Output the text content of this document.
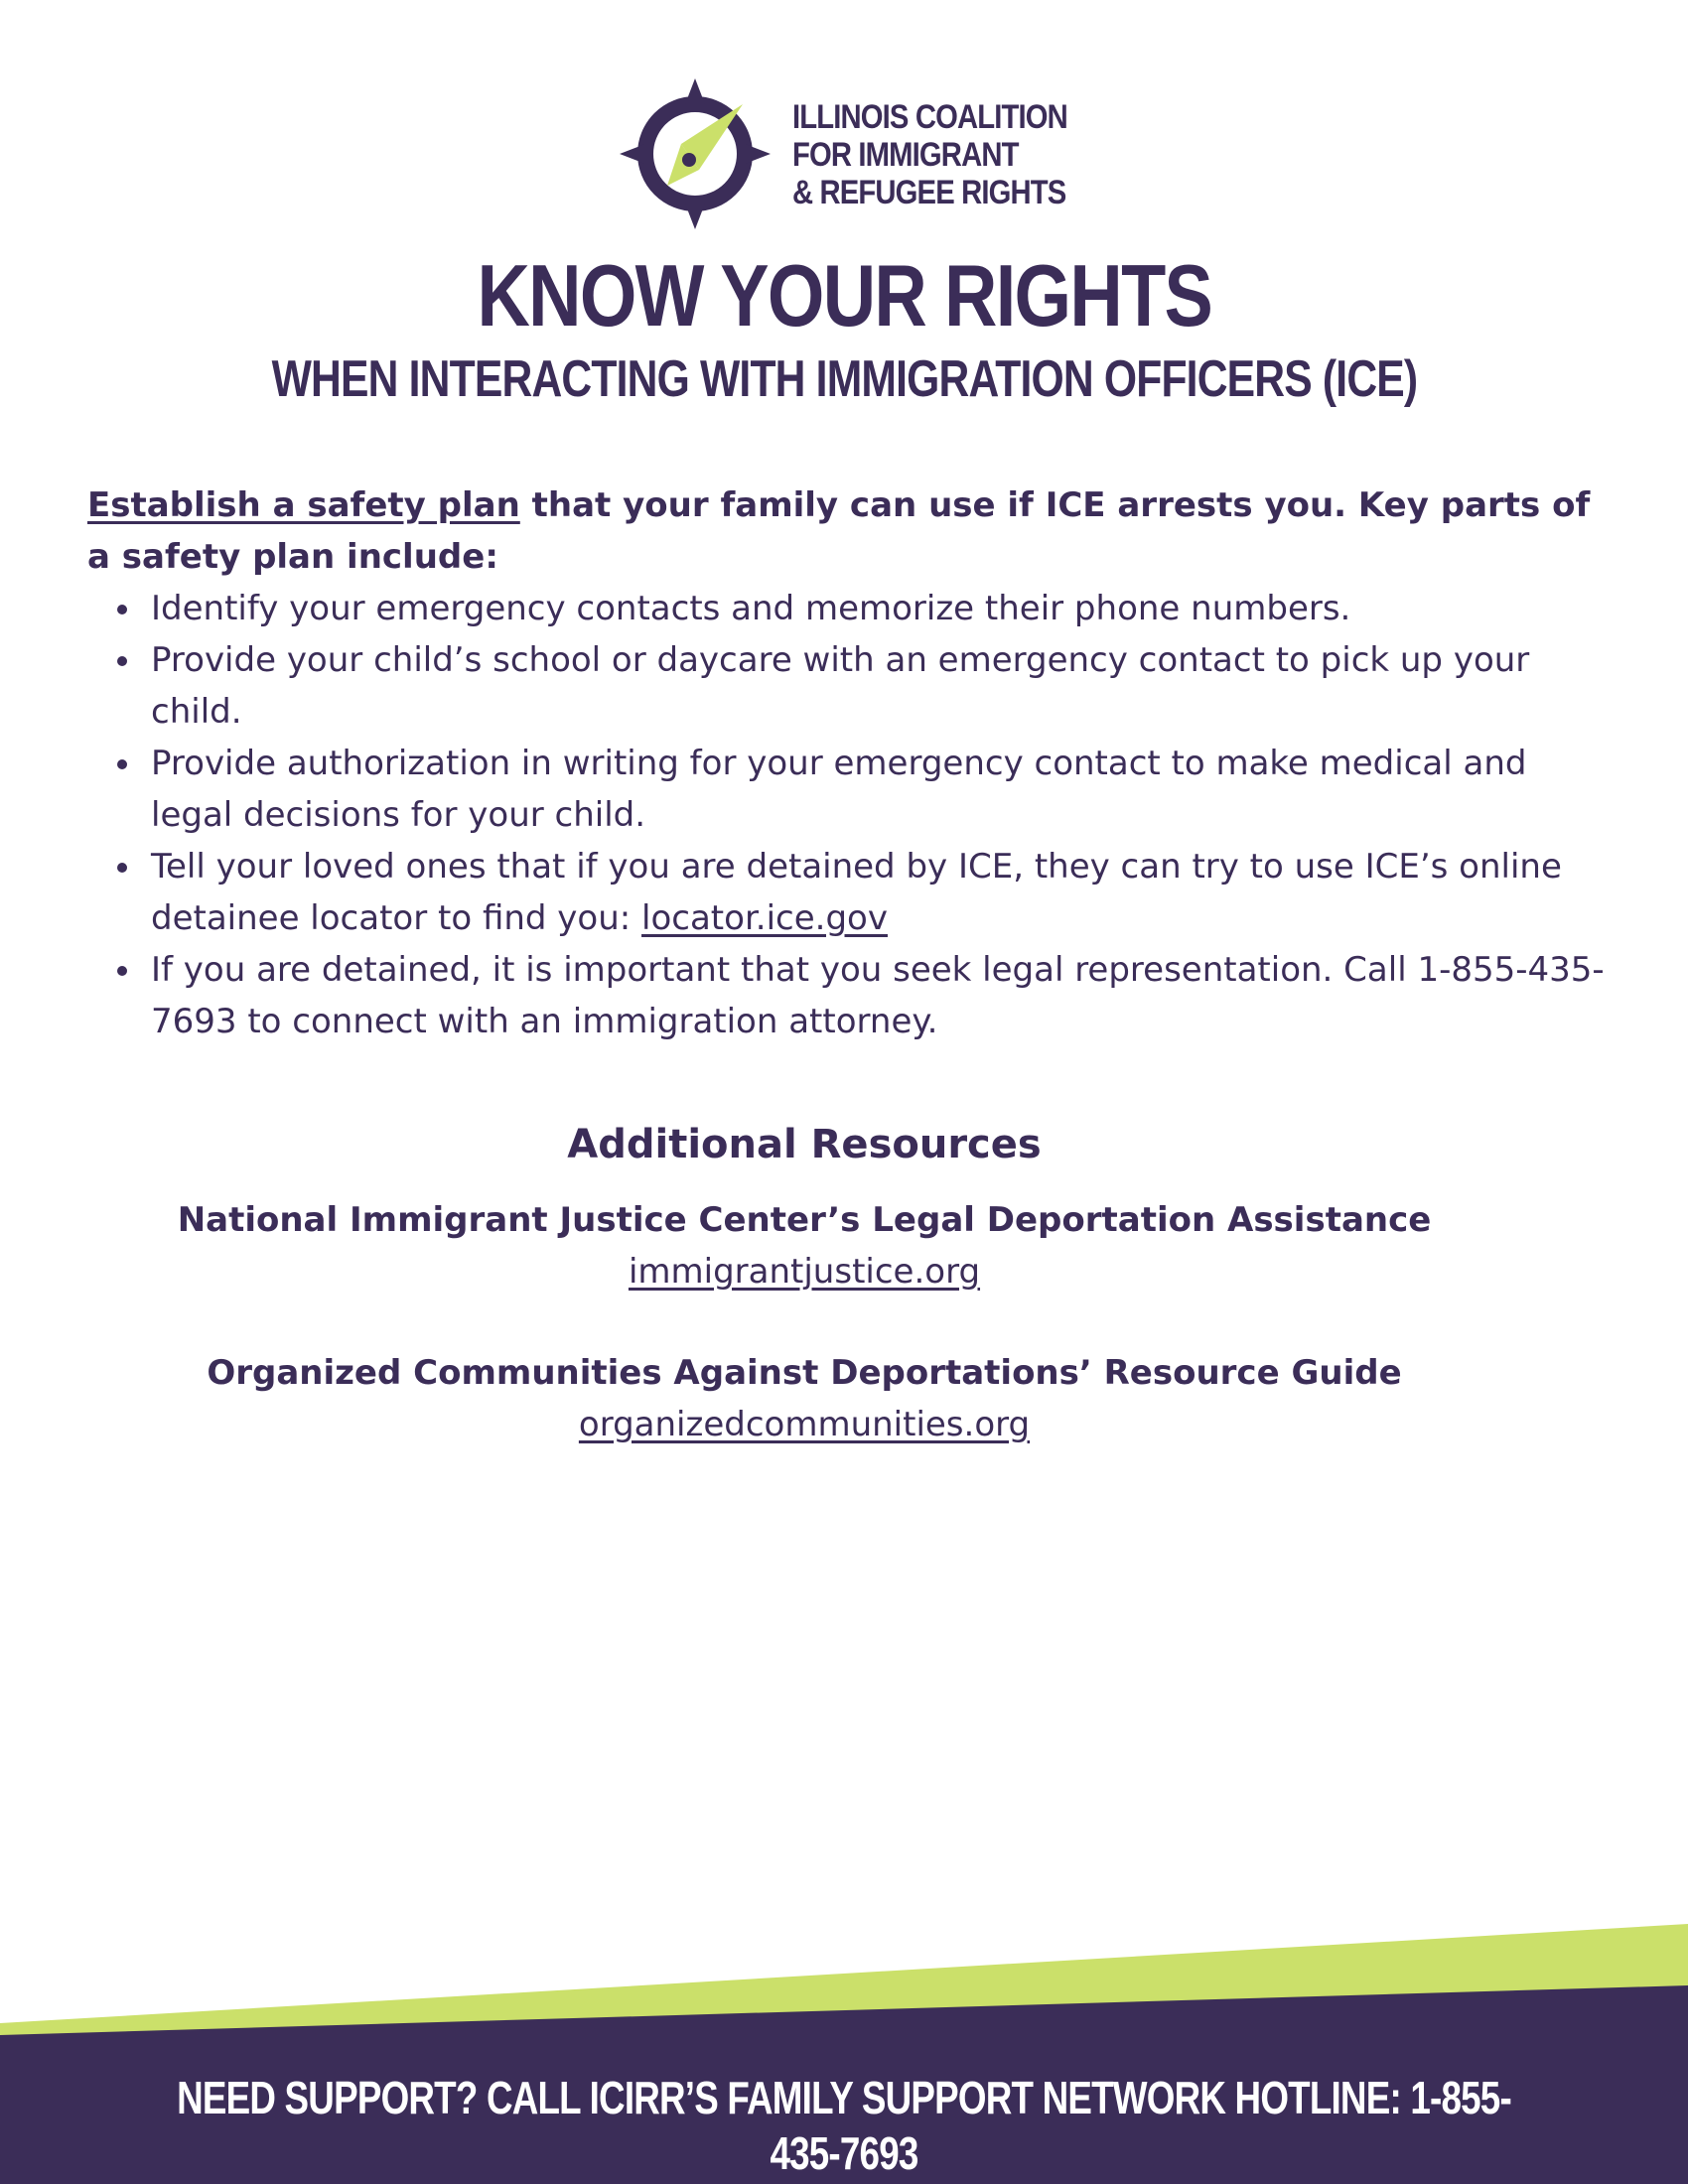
ILLINOIS COALITION
FOR IMMIGRANT
& REFUGEE RIGHTS
KNOW YOUR RIGHTS
WHEN INTERACTING WITH IMMIGRATION OFFICERS (ICE)

Establish a safety plan that your family can use if ICE arrests you. Key parts of a safety plan include:

Identify your emergency contacts and memorize their phone numbers.
Provide your child’s school or daycare with an emergency contact to pick up your child.
Provide authorization in writing for your emergency contact to make medical and legal decisions for your child.
Tell your loved ones that if you are detained by ICE, they can try to use ICE’s online detainee locator to find you: locator.ice.gov
If you are detained, it is important that you seek legal representation. Call 1-855-435-7693 to connect with an immigration attorney.
Additional Resources
National Immigrant Justice Center’s Legal Deportation Assistance
immigrantjustice.org
Organized Communities Against Deportations’ Resource Guide
organizedcommunities.org
NEED SUPPORT? CALL ICIRR’S FAMILY SUPPORT NETWORK HOTLINE: 1-855-435-7693
